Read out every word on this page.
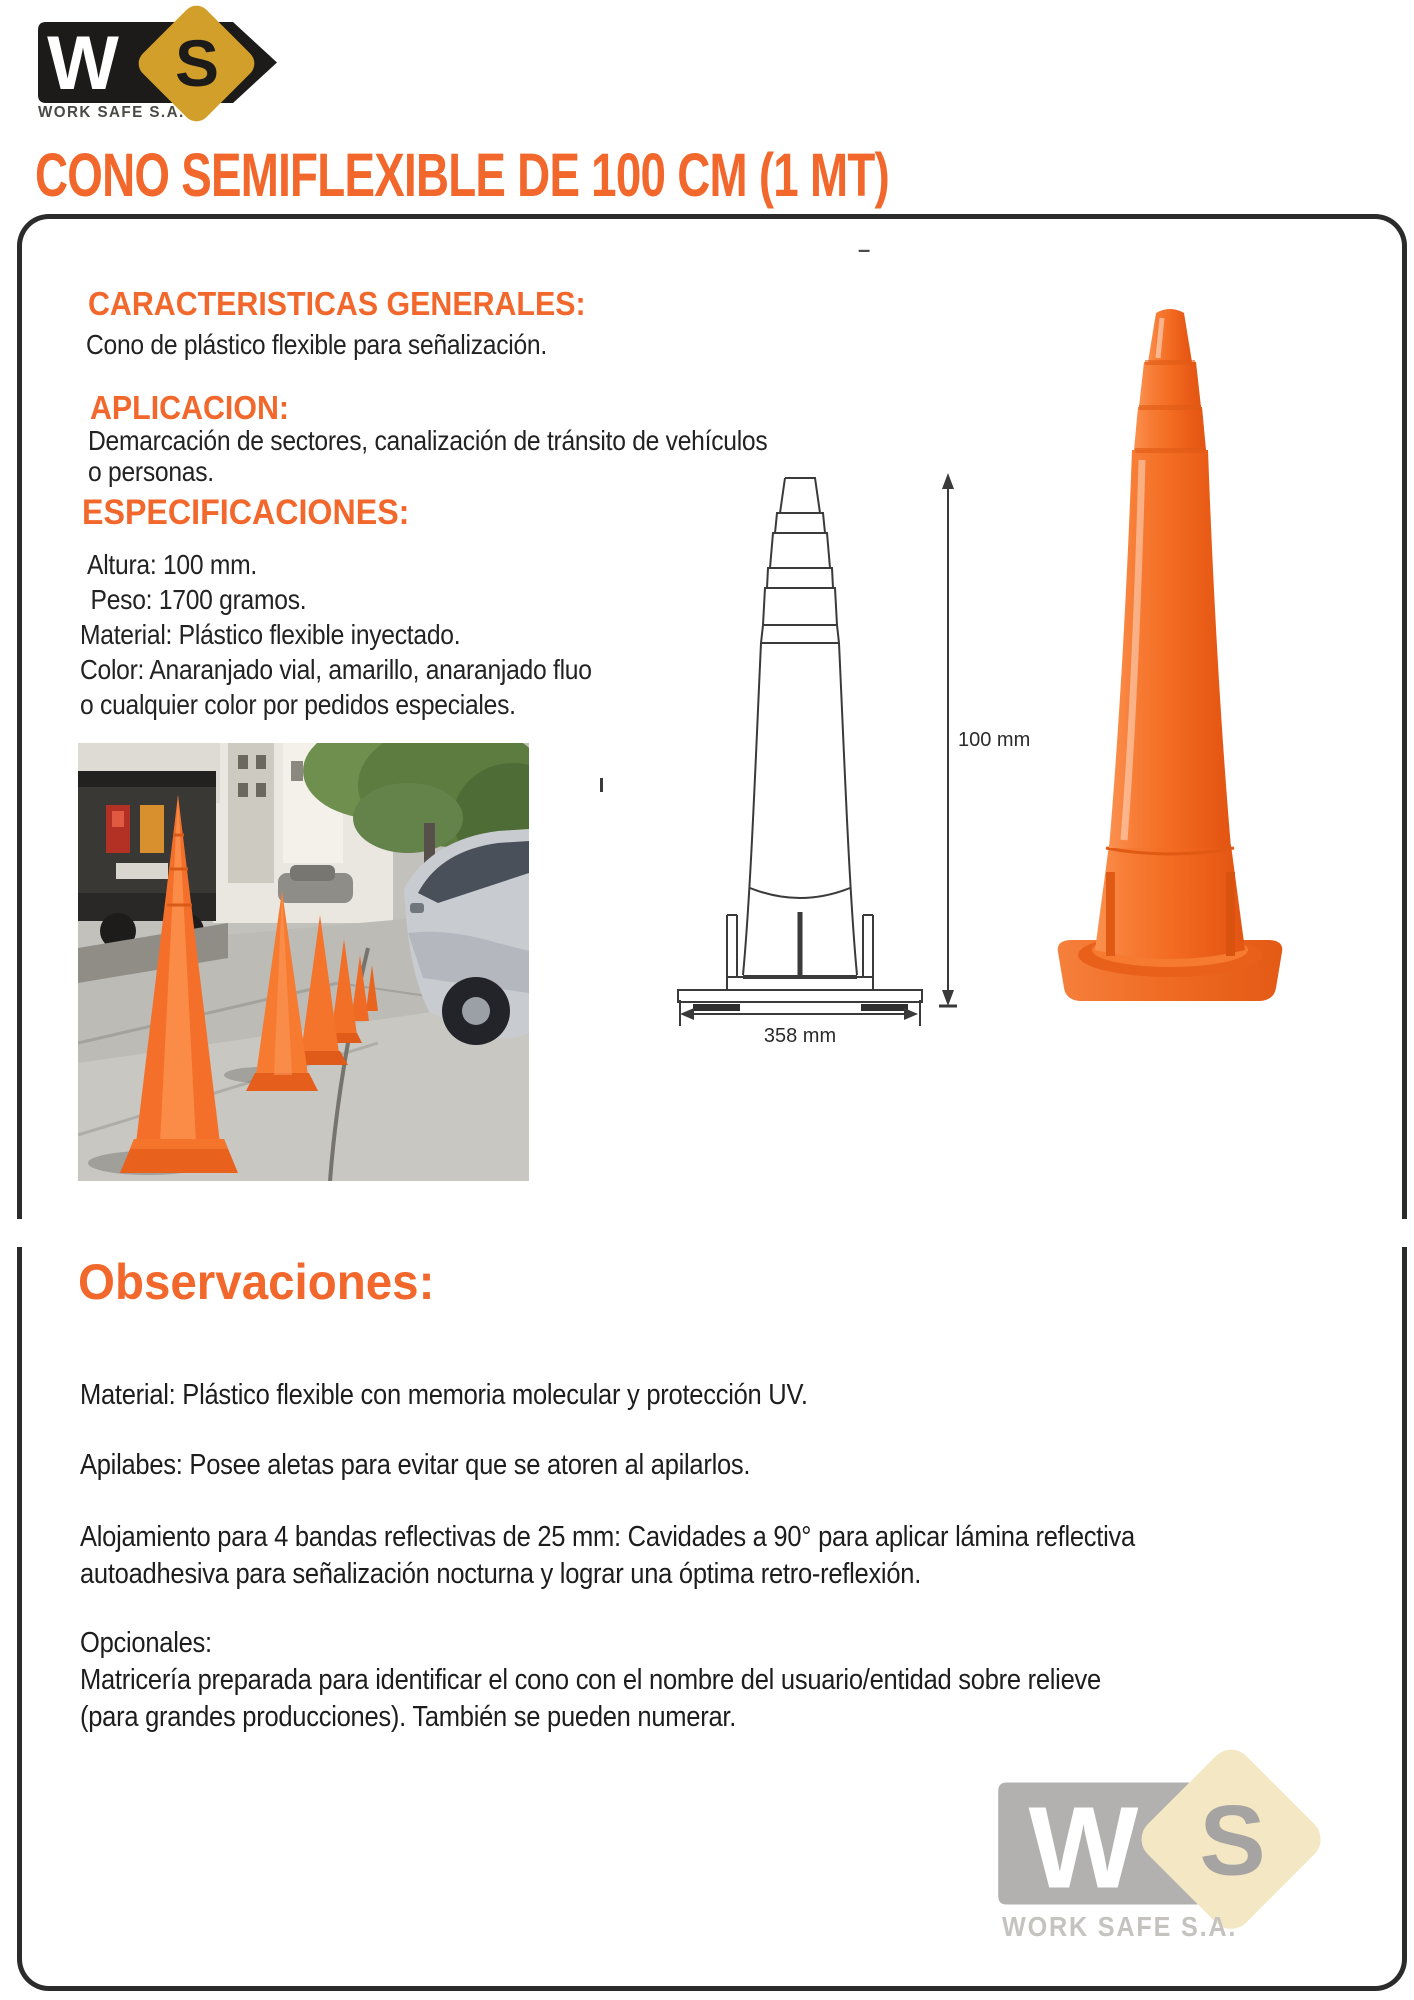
W S
WORK SAFE S.A.
CONO SEMIFLEXIBLE DE 100 CM (1 MT)
–
CARACTERISTICAS GENERALES:

Cono de plástico flexible para señalización.

APLICACION:
Demarcación de sectores, canalización de tránsito de vehículos
o personas.
ESPECIFICACIONES:
Altura: 100 mm.
Peso: 1700 gramos.
Material: Plástico flexible inyectado.
Color: Anaranjado vial, amarillo, anaranjado fluo
o cualquier color por pedidos especiales.
358 mm
100 mm
Observaciones:

Material: Plástico flexible con memoria molecular y protección UV.

Apilabes: Posee aletas para evitar que se atoren al apilarlos.

Alojamiento para 4 bandas reflectivas de 25 mm: Cavidades a 90° para aplicar lámina reflectiva
autoadhesiva para señalización nocturna y lograr una óptima retro-reflexión.
Opcionales:
Matricería preparada para identificar el cono con el nombre del usuario/entidad sobre relieve
(para grandes producciones). También se pueden numerar.
W S
WORK SAFE S.A.
